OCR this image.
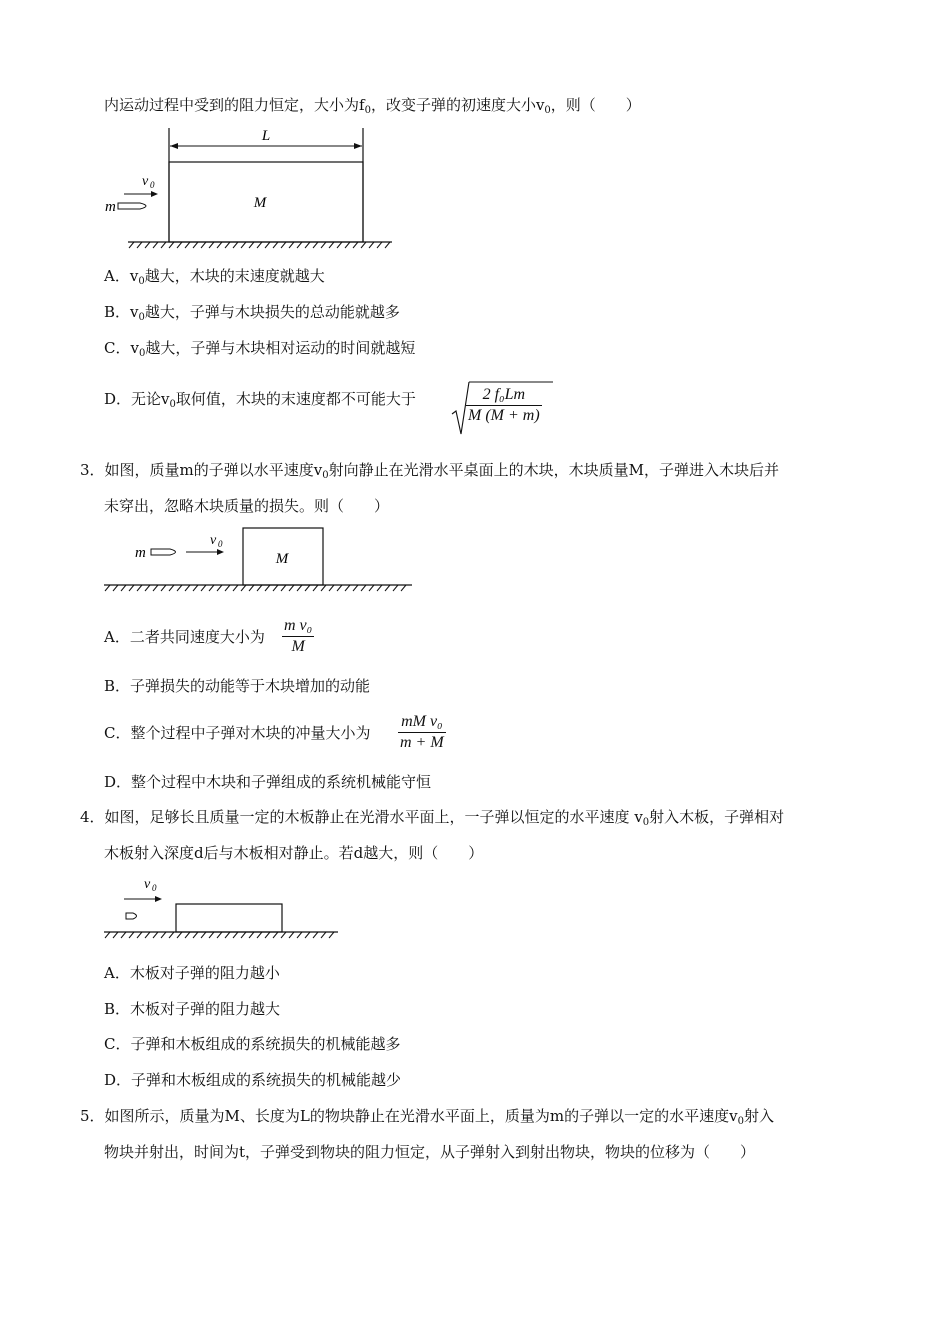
内运动过程中受到的阻力恒定，大小为$f_0$，改变子弹的初速度大小$v_0$，则（　　）
L
M
m
v 0
A．$v_0$越大，木块的末速度就越大
B．$v_0$越大，子弹与木块损失的总动能就越多
C．$v_0$越大，子弹与木块相对运动的时间就越短
D．无论$v_0$取何值，木块的末速度都不可能大于	$\frac{\text{2 f₀Lm}}{M (M + m)}$
3．如图，质量m的子弹以水平速度$v_0$射向静止在光滑水平桌面上的木块，木块质量M，子弹进入木块后并
未穿出，忽略木块质量的损失。则（　　）
M
m
v 0
A．二者共同速度大小为 $\frac{\text{m v₀}}{M}$
B．子弹损失的动能等于木块增加的动能
C．整个过程中子弹对木块的冲量大小为 $\frac{\text{mM v₀}}{m + M}$
D．整个过程中木块和子弹组成的系统机械能守恒
4．如图，足够长且质量一定的木板静止在光滑水平面上，一子弹以恒定的水平速度 $v_0$射入木板，子弹相对
木板射入深度d后与木板相对静止。若d越大，则（　　）
v 0
A．木板对子弹的阻力越小
B．木板对子弹的阻力越大
C．子弹和木板组成的系统损失的机械能越多
D．子弹和木板组成的系统损失的机械能越少
5．如图所示，质量为M、长度为L的物块静止在光滑水平面上，质量为m的子弹以一定的水平速度$v_0$射入
物块并射出，时间为t，子弹受到物块的阻力恒定，从子弹射入到射出物块，物块的位移为（　　）
